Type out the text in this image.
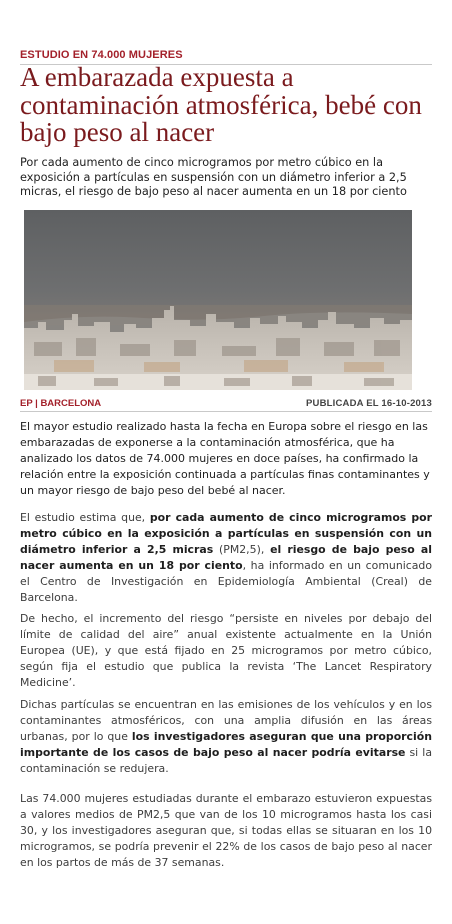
ESTUDIO EN 74.000 MUJERES
A embarazada expuesta a contaminación atmosférica, bebé con bajo peso al nacer
Por cada aumento de cinco microgramos por metro cúbico en la exposición a partículas en suspensión con un diámetro inferior a 2,5 micras, el riesgo de bajo peso al nacer aumenta en un 18 por ciento
EP | BARCELONA	PUBLICADA EL 16-10-2013
El mayor estudio realizado hasta la fecha en Europa sobre el riesgo en las embarazadas de exponerse a la contaminación atmosférica, que ha analizado los datos de 74.000 mujeres en doce países, ha confirmado la relación entre la exposición continuada a partículas finas contaminantes y un mayor riesgo de bajo peso del bebé al nacer.

El estudio estima que, por cada aumento de cinco microgramos por metro cúbico en la exposición a partículas en suspensión con un diámetro inferior a 2,5 micras (PM2,5), el riesgo de bajo peso al nacer aumenta en un 18 por ciento, ha informado en un comunicado el Centro de Investigación en Epidemiología Ambiental (Creal) de Barcelona.

De hecho, el incremento del riesgo “persiste en niveles por debajo del límite de calidad del aire” anual existente actualmente en la Unión Europea (UE), y que está fijado en 25 microgramos por metro cúbico, según fija el estudio que publica la revista ‘The Lancet Respiratory Medicine’.

Dichas partículas se encuentran en las emisiones de los vehículos y en los contaminantes atmosféricos, con una amplia difusión en las áreas urbanas, por lo que los investigadores aseguran que una proporción importante de los casos de bajo peso al nacer podría evitarse si la contaminación se redujera.

Las 74.000 mujeres estudiadas durante el embarazo estuvieron expuestas a valores medios de PM2,5 que van de los 10 microgramos hasta los casi 30, y los investigadores aseguran que, si todas ellas se situaran en los 10 microgramos, se podría prevenir el 22% de los casos de bajo peso al nacer en los partos de más de 37 semanas.
